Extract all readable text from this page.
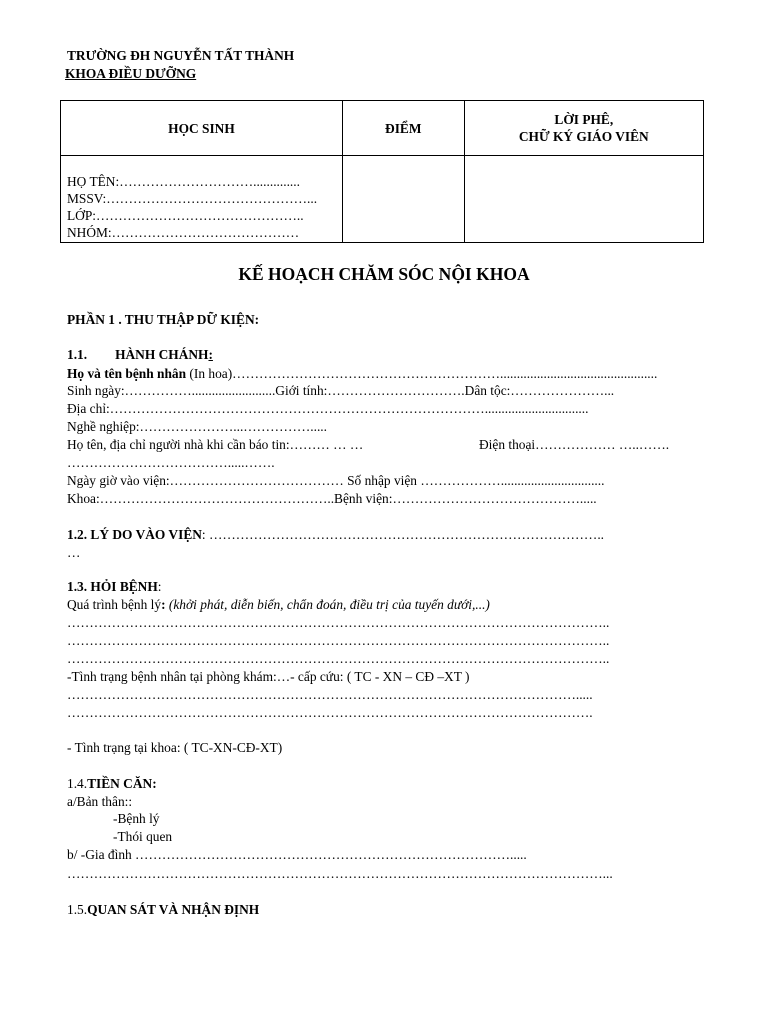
TRƯỜNG ĐH NGUYỄN TẤT THÀNH
KHOA ĐIỀU DƯỠNG
HỌC SINH	ĐIỂM	LỜI PHÊ,
CHỮ KÝ GIÁO VIÊN

HỌ TÊN:…………………………..............
MSSV:………………………………………...
LỚP:………………………………………..
NHÓM:……………………………………		

KẾ HOẠCH CHĂM SÓC NỘI KHOA
PHẦN 1 . THU THẬP DỮ KIỆN:
1.1. HÀNH CHÁNH:
Họ và tên bệnh nhân (In hoa)……………………………………………………...............................................
Sinh ngày:…………….........................Giới tính:………………………….Dân tộc:…………………...
Địa chỉ:…………………………………………………………………………...............................
Nghề nghiệp:…………………...…………….....
Họ tên, địa chỉ người nhà khi cần báo tin:……… … …	Điện thoại……………… …..…….
……………………………….....…….
Ngày giờ vào viện:………………………………… Số nhập viện ………………...............................
Khoa:……………………………………………..Bệnh viện:…………………………………….....
1.2. LÝ DO VÀO VIỆN: ……………………………………………………………………………..
…
1.3. HỎI BỆNH:
Quá trình bệnh lý: (khởi phát, diễn biến, chẩn đoán, điều trị của tuyến dưới,...)
…………………………………………………………………………………………………………..
…………………………………………………………………………………………………………..
…………………………………………………………………………………………………………..
-Tình trạng bệnh nhân tại phòng khám:…- cấp cứu: ( TC - XN – CĐ –XT )
…………………………………………………………………………………………………….....
……………………………………………………………………………………………………….
- Tình trạng tại khoa: ( TC-XN-CĐ-XT)
1.4.TIỀN CĂN:
a/Bản thân::
-Bệnh lý
-Thói quen
b/ -Gia đình ………………………………………………………………………….....
…………………………………………………………………………………………………………...
1.5.QUAN SÁT VÀ NHẬN ĐỊNH
